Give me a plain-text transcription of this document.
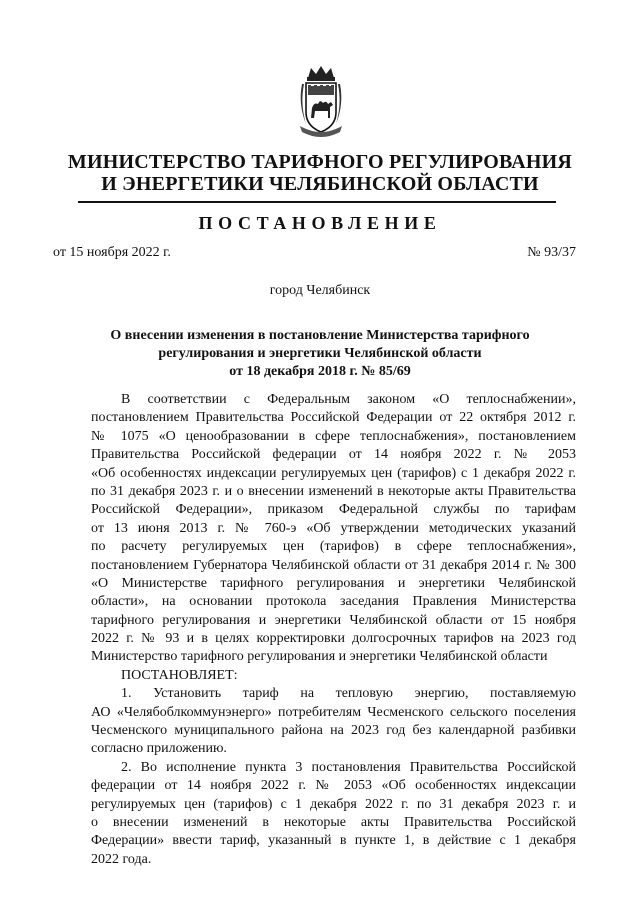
МИНИСТЕРСТВО ТАРИФНОГО РЕГУЛИРОВАНИЯ
И ЭНЕРГЕТИКИ ЧЕЛЯБИНСКОЙ ОБЛАСТИ
ПОСТАНОВЛЕНИЕ
от 15 ноября 2022 г.	№ 93/37
город Челябинск
О внесении изменения в постановление Министерства тарифного
регулирования и энергетики Челябинской области
от 18 декабря 2018 г. № 85/69
В соответствии с Федеральным законом «О теплоснабжении»,
постановлением Правительства Российской Федерации от 22 октября 2012 г.
№ 1075 «О ценообразовании в сфере теплоснабжения», постановлением
Правительства Российской федерации от 14 ноября 2022 г. № 2053
«Об особенностях индексации регулируемых цен (тарифов) с 1 декабря 2022 г.
по 31 декабря 2023 г. и о внесении изменений в некоторые акты Правительства
Российской Федерации», приказом Федеральной службы по тарифам
от 13 июня 2013 г. № 760-э «Об утверждении методических указаний
по расчету регулируемых цен (тарифов) в сфере теплоснабжения»,
постановлением Губернатора Челябинской области от 31 декабря 2014 г. № 300
«О Министерстве тарифного регулирования и энергетики Челябинской
области», на основании протокола заседания Правления Министерства
тарифного регулирования и энергетики Челябинской области от 15 ноября
2022 г. № 93 и в целях корректировки долгосрочных тарифов на 2023 год
Министерство тарифного регулирования и энергетики Челябинской области
ПОСТАНОВЛЯЕТ:
1. Установить тариф на тепловую энергию, поставляемую
АО «Челябоблкоммунэнерго» потребителям Чесменского сельского поселения
Чесменского муниципального района на 2023 год без календарной разбивки
согласно приложению.
2. Во исполнение пункта 3 постановления Правительства Российской
федерации от 14 ноября 2022 г. № 2053 «Об особенностях индексации
регулируемых цен (тарифов) с 1 декабря 2022 г. по 31 декабря 2023 г. и
о внесении изменений в некоторые акты Правительства Российской
Федерации» ввести тариф, указанный в пункте 1, в действие с 1 декабря
2022 года.
